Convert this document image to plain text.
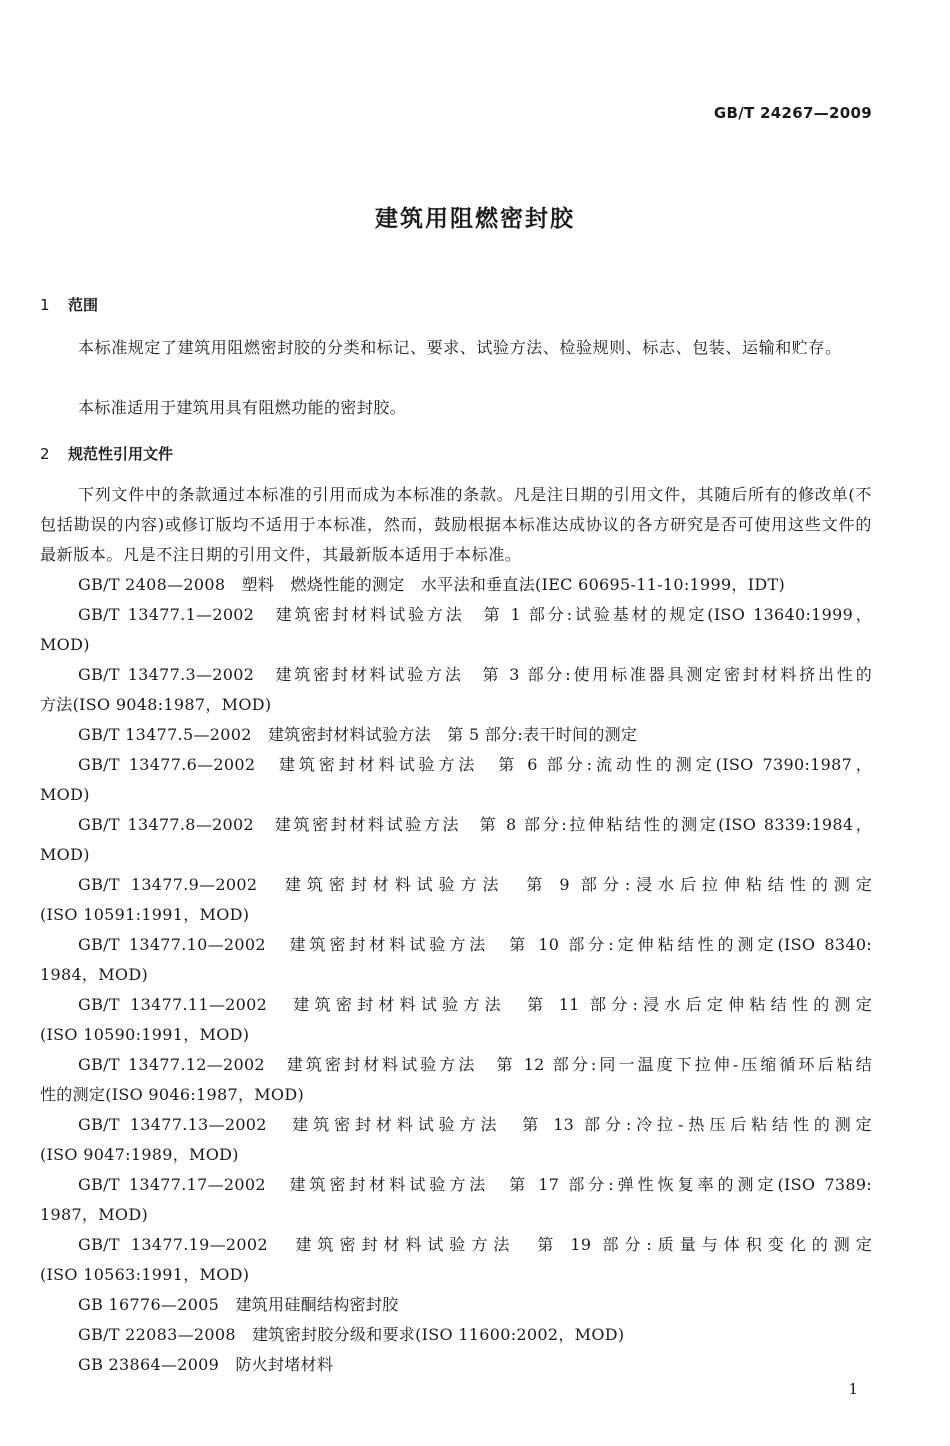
GB/T 24267—2009
建筑用阻燃密封胶
1 范围
本标准规定了建筑用阻燃密封胶的分类和标记、要求、试验方法、检验规则、标志、包装、运输和贮存。
本标准适用于建筑用具有阻燃功能的密封胶。
2 规范性引用文件
下列文件中的条款通过本标准的引用而成为本标准的条款。凡是注日期的引用文件，其随后所有的修改单(不包括勘误的内容)或修订版均不适用于本标准，然而，鼓励根据本标准达成协议的各方研究是否可使用这些文件的最新版本。凡是不注日期的引用文件，其最新版本适用于本标准。
GB/T 2408—2008　塑料　燃烧性能的测定　水平法和垂直法(IEC 60695-11-10:1999，IDT)
GB/T 13477.1—2002　建筑密封材料试验方法　第 1 部分:试验基材的规定(ISO 13640:1999，
MOD)
GB/T 13477.3—2002　建筑密封材料试验方法　第 3 部分:使用标准器具测定密封材料挤出性的
方法(ISO 9048:1987，MOD)
GB/T 13477.5—2002　建筑密封材料试验方法　第 5 部分:表干时间的测定
GB/T 13477.6—2002　建筑密封材料试验方法　第 6 部分:流动性的测定(ISO 7390:1987，
MOD)
GB/T 13477.8—2002　建筑密封材料试验方法　第 8 部分:拉伸粘结性的测定(ISO 8339:1984，
MOD)
GB/T 13477.9—2002　建筑密封材料试验方法　第 9 部分:浸水后拉伸粘结性的测定
(ISO 10591:1991，MOD)
GB/T 13477.10—2002　建筑密封材料试验方法　第 10 部分:定伸粘结性的测定(ISO 8340:
1984，MOD)
GB/T 13477.11—2002　建筑密封材料试验方法　第 11 部分:浸水后定伸粘结性的测定
(ISO 10590:1991，MOD)
GB/T 13477.12—2002　建筑密封材料试验方法　第 12 部分:同一温度下拉伸-压缩循环后粘结
性的测定(ISO 9046:1987，MOD)
GB/T 13477.13—2002　建筑密封材料试验方法　第 13 部分:冷拉-热压后粘结性的测定
(ISO 9047:1989，MOD)
GB/T 13477.17—2002　建筑密封材料试验方法　第 17 部分:弹性恢复率的测定(ISO 7389:
1987，MOD)
GB/T 13477.19—2002　建筑密封材料试验方法　第 19 部分:质量与体积变化的测定
(ISO 10563:1991，MOD)
GB 16776—2005　建筑用硅酮结构密封胶
GB/T 22083—2008　建筑密封胶分级和要求(ISO 11600:2002，MOD)
GB 23864—2009　防火封堵材料
1
